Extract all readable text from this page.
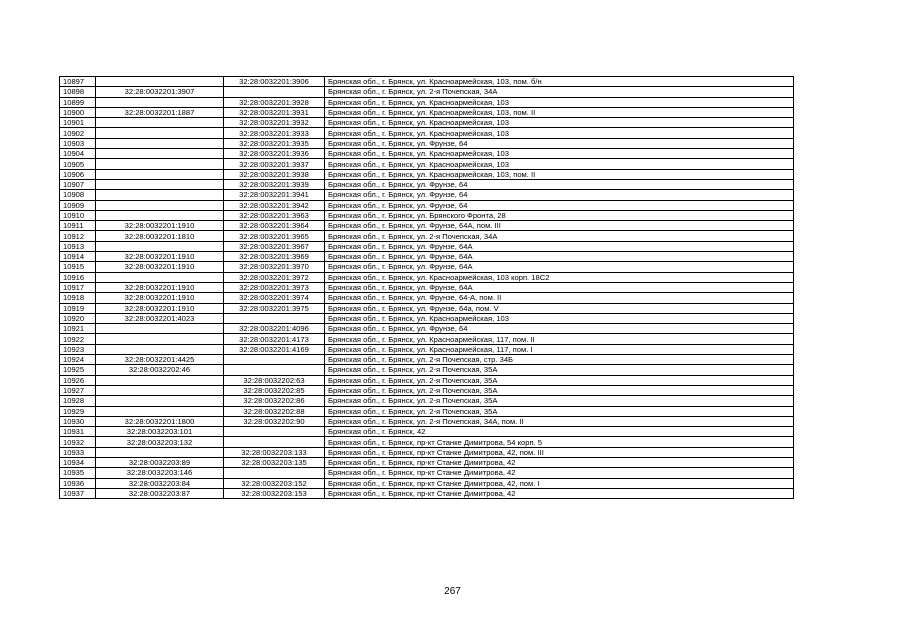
10897		32:28:0032201:3906	Брянская обл., г. Брянск, ул. Красноармейская, 103, пом. б/н
10898	32:28:0032201:3907		Брянская обл., г. Брянск, ул. 2-я Почепская, 34А
10899		32:28:0032201:3928	Брянская обл., г. Брянск, ул. Красноармейская, 103
10900	32:28:0032201:1887	32:28:0032201:3931	Брянская обл., г. Брянск, ул. Красноармейская, 103, пом. II
10901		32:28:0032201:3932	Брянская обл., г. Брянск, ул. Красноармейская, 103
10902		32:28:0032201:3933	Брянская обл., г. Брянск, ул. Красноармейская, 103
10903		32:28:0032201:3935	Брянская обл., г. Брянск, ул. Фрунзе, 64
10904		32:28:0032201:3936	Брянская обл., г. Брянск, ул. Красноармейская, 103
10905		32:28:0032201:3937	Брянская обл., г. Брянск, ул. Красноармейская, 103
10906		32:28:0032201:3938	Брянская обл., г. Брянск, ул. Красноармейская, 103, пом. II
10907		32:28:0032201:3939	Брянская обл., г. Брянск, ул. Фрунзе, 64
10908		32:28:0032201:3941	Брянская обл., г. Брянск, ул. Фрунзе, 64
10909		32:28:0032201:3942	Брянская обл., г. Брянск, ул. Фрунзе, 64
10910		32:28:0032201:3963	Брянская обл., г. Брянск, ул. Брянского Фронта, 28
10911	32:28:0032201:1910	32:28:0032201:3964	Брянская обл., г. Брянск, ул. Фрунзе, 64А, пом. III
10912	32:28:0032201:1810	32:28:0032201:3965	Брянская обл., г. Брянск, ул. 2-я Почепская, 34А
10913		32:28:0032201:3967	Брянская обл., г. Брянск, ул. Фрунзе, 64А
10914	32:28:0032201:1910	32:28:0032201:3969	Брянская обл., г. Брянск, ул. Фрунзе, 64А
10915	32:28:0032201:1910	32:28:0032201:3970	Брянская обл., г. Брянск, ул. Фрунзе, 64А
10916		32:28:0032201:3972	Брянская обл., г. Брянск, ул. Красноармейская, 103 корп. 18С2
10917	32:28:0032201:1910	32:28:0032201:3973	Брянская обл., г. Брянск, ул. Фрунзе, 64А
10918	32:28:0032201:1910	32:28:0032201:3974	Брянская обл., г. Брянск, ул. Фрунзе, 64-А, пом. II
10919	32:28:0032201:1910	32:28:0032201:3975	Брянская обл., г. Брянск, ул. Фрунзе, 64а, пом. V
10920	32:28:0032201:4023		Брянская обл., г. Брянск, ул. Красноармейская, 103
10921		32:28:0032201:4096	Брянская обл., г. Брянск, ул. Фрунзе, 64
10922		32:28:0032201:4173	Брянская обл., г. Брянск, ул. Красноармейская, 117, пом. II
10923		32:28:0032201:4169	Брянская обл., г. Брянск, ул. Красноармейская, 117, пом. I
10924	32:28:0032201:4425		Брянская обл., г. Брянск, ул. 2-я Почепская, стр. 34Б
10925	32:28:0032202:46		Брянская обл., г. Брянск, ул. 2-я Почепская, 35А
10926		32:28:0032202:63	Брянская обл., г. Брянск, ул. 2-я Почепская, 35А
10927		32:28:0032202:85	Брянская обл., г. Брянск, ул. 2-я Почепская, 35А
10928		32:28:0032202:86	Брянская обл., г. Брянск, ул. 2-я Почепская, 35А
10929		32:28:0032202:88	Брянская обл., г. Брянск, ул. 2-я Почепская, 35А
10930	32:28:0032201:1800	32:28:0032202:90	Брянская обл., г. Брянск, ул. 2-я Почепская, 34А, пом. II
10931	32:28:0032203:101		Брянская обл., г. Брянск, 42
10932	32:28:0032203:132		Брянская обл., г. Брянск, пр-кт Станке Димитрова, 54 корп. 5
10933		32:28:0032203:133	Брянская обл., г. Брянск, пр-кт Станке Димитрова, 42, пом. III
10934	32:28:0032203:89	32:28:0032203:135	Брянская обл., г. Брянск, пр-кт Станке Димитрова, 42
10935	32:28:0032203:146		Брянская обл., г. Брянск, пр-кт Станке Димитрова, 42
10936	32:28:0032203:84	32:28:0032203:152	Брянская обл., г. Брянск, пр-кт Станке Димитрова, 42, пом. I
10937	32:28:0032203:87	32:28:0032203:153	Брянская обл., г. Брянск, пр-кт Станке Димитрова, 42
267
